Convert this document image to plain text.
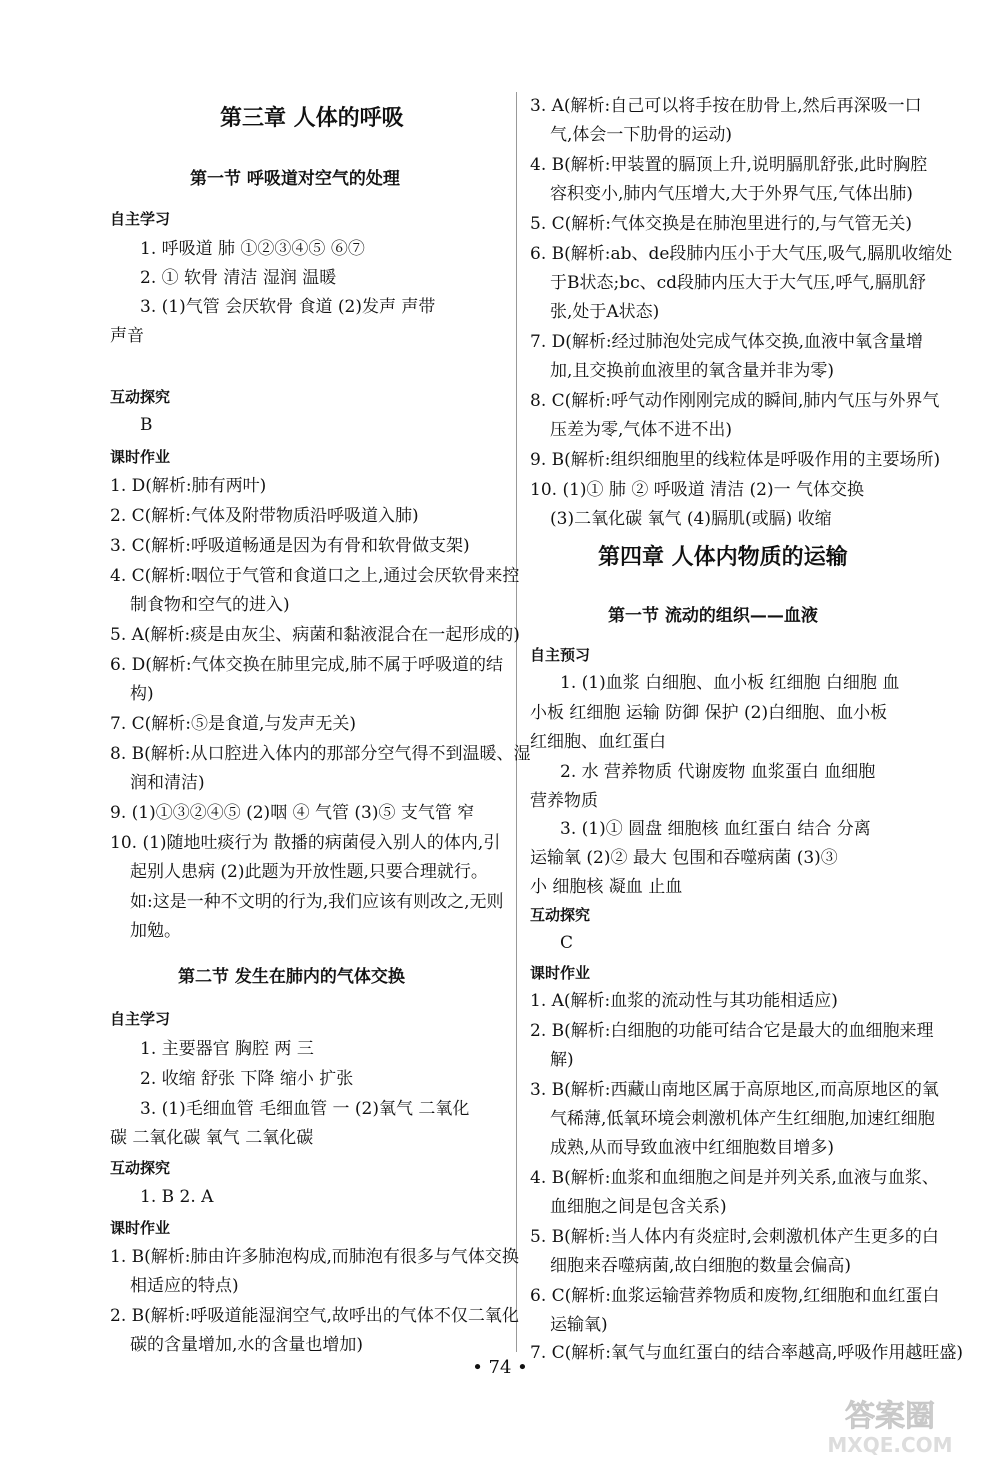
第三章 人体的呼吸
第一节 呼吸道对空气的处理
自主学习
1. 呼吸道 肺 ①②③④⑤ ⑥⑦
2. ① 软骨 清洁 湿润 温暖
3. (1)气管 会厌软骨 食道 (2)发声 声带
声音
互动探究
B
课时作业
1. D(解析:肺有两叶)
2. C(解析:气体及附带物质沿呼吸道入肺)
3. C(解析:呼吸道畅通是因为有骨和软骨做支架)
4. C(解析:咽位于气管和食道口之上,通过会厌软骨来控
制食物和空气的进入)
5. A(解析:痰是由灰尘、病菌和黏液混合在一起形成的)
6. D(解析:气体交换在肺里完成,肺不属于呼吸道的结
构)
7. C(解析:⑤是食道,与发声无关)
8. B(解析:从口腔进入体内的那部分空气得不到温暖、湿
润和清洁)
9. (1)①③②④⑤ (2)咽 ④ 气管 (3)⑤ 支气管 窄
10. (1)随地吐痰行为 散播的病菌侵入别人的体内,引
起别人患病 (2)此题为开放性题,只要合理就行。
如:这是一种不文明的行为,我们应该有则改之,无则
加勉。
第二节 发生在肺内的气体交换
自主学习
1. 主要器官 胸腔 两 三
2. 收缩 舒张 下降 缩小 扩张
3. (1)毛细血管 毛细血管 一 (2)氧气 二氧化
碳 二氧化碳 氧气 二氧化碳
互动探究
1. B 2. A
课时作业
1. B(解析:肺由许多肺泡构成,而肺泡有很多与气体交换
相适应的特点)
2. B(解析:呼吸道能湿润空气,故呼出的气体不仅二氧化
碳的含量增加,水的含量也增加)
3. A(解析:自己可以将手按在肋骨上,然后再深吸一口
气,体会一下肋骨的运动)
4. B(解析:甲装置的膈顶上升,说明膈肌舒张,此时胸腔
容积变小,肺内气压增大,大于外界气压,气体出肺)
5. C(解析:气体交换是在肺泡里进行的,与气管无关)
6. B(解析:ab、de段肺内压小于大气压,吸气,膈肌收缩处
于B状态;bc、cd段肺内压大于大气压,呼气,膈肌舒
张,处于A状态)
7. D(解析:经过肺泡处完成气体交换,血液中氧含量增
加,且交换前血液里的氧含量并非为零)
8. C(解析:呼气动作刚刚完成的瞬间,肺内气压与外界气
压差为零,气体不进不出)
9. B(解析:组织细胞里的线粒体是呼吸作用的主要场所)
10. (1)① 肺 ② 呼吸道 清洁 (2)一 气体交换
(3)二氧化碳 氧气 (4)膈肌(或膈) 收缩
第四章 人体内物质的运输
第一节 流动的组织——血液
自主预习
1. (1)血浆 白细胞、血小板 红细胞 白细胞 血
小板 红细胞 运输 防御 保护 (2)白细胞、血小板
红细胞、血红蛋白
2. 水 营养物质 代谢废物 血浆蛋白 血细胞
营养物质
3. (1)① 圆盘 细胞核 血红蛋白 结合 分离
运输氧 (2)② 最大 包围和吞噬病菌 (3)③
小 细胞核 凝血 止血
互动探究
C
课时作业
1. A(解析:血浆的流动性与其功能相适应)
2. B(解析:白细胞的功能可结合它是最大的血细胞来理
解)
3. B(解析:西藏山南地区属于高原地区,而高原地区的氧
气稀薄,低氧环境会刺激机体产生红细胞,加速红细胞
成熟,从而导致血液中红细胞数目增多)
4. B(解析:血浆和血细胞之间是并列关系,血液与血浆、
血细胞之间是包含关系)
5. B(解析:当人体内有炎症时,会刺激机体产生更多的白
细胞来吞噬病菌,故白细胞的数量会偏高)
6. C(解析:血浆运输营养物质和废物,红细胞和血红蛋白
运输氧)
7. C(解析:氧气与血红蛋白的结合率越高,呼吸作用越旺盛)
• 74 •
答案圈
MXQE.COM
